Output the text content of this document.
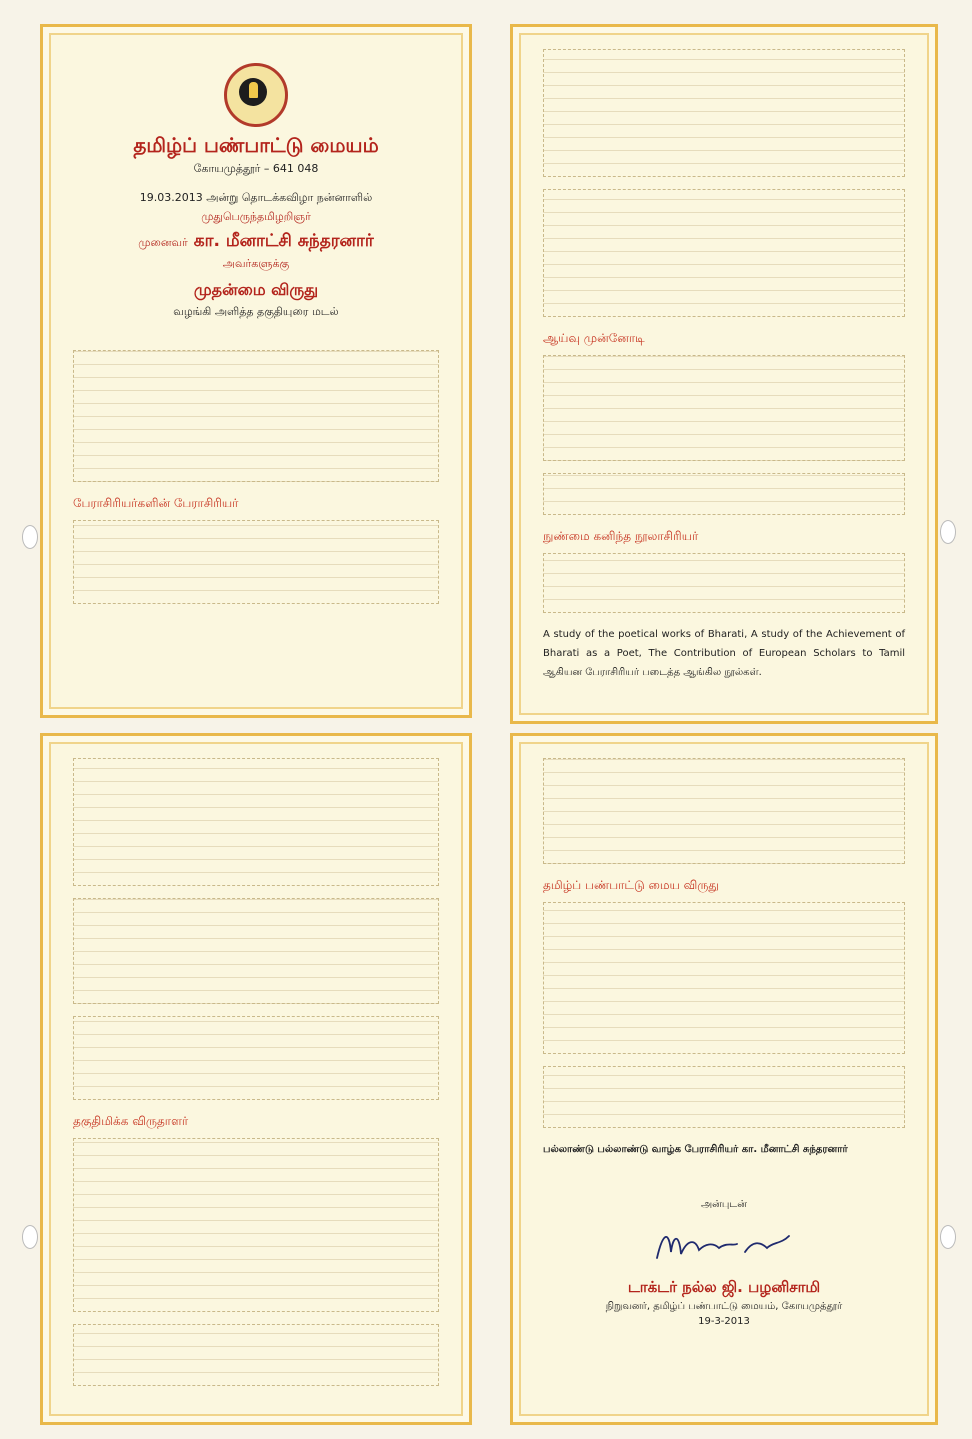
தமிழ்ப் பண்பாட்டு மையம்
கோயமுத்தூர் – 641 048
19.03.2013 அன்று தொடக்கவிழா நன்னாளில்
முதுபெருந்தமிழறிஞர்
முனைவர் கா. மீனாட்சி சுந்தரனார்
அவர்களுக்கு
முதன்மை விருது
வழங்கி அளித்த தகுதியுரை மடல்
பேராசிரியர்களின் பேராசிரியர்
ஆய்வு முன்னோடி
நுண்மை கனிந்த நூலாசிரியர்

A study of the poetical works of Bharati, A study of the Achievement of Bharati as a Poet, The Contribution of European Scholars to Tamil ஆகியன பேராசிரியர் படைத்த ஆங்கில நூல்கள்.

தகுதிமிக்க விருதாளர்
தமிழ்ப் பண்பாட்டு மைய விருது

பல்லாண்டு பல்லாண்டு வாழ்க பேராசிரியர் கா. மீனாட்சி சுந்தரனார்

அன்புடன்
டாக்டர் நல்ல ஜி. பழனிசாமி
நிறுவனர், தமிழ்ப் பண்பாட்டு மையம், கோயமுத்தூர்
19-3-2013
